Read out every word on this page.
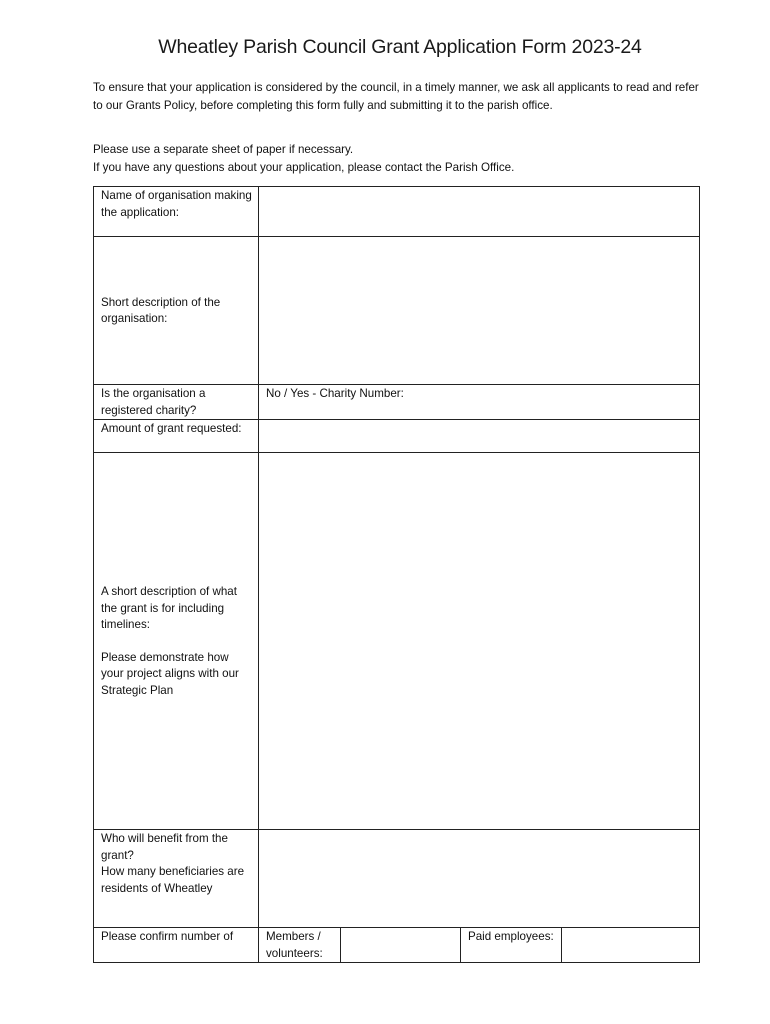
Wheatley Parish Council Grant Application Form 2023-24

To ensure that your application is considered by the council, in a timely manner, we ask all applicants to read and refer to our Grants Policy, before completing this form fully and submitting it to the parish office.

Please use a separate sheet of paper if necessary.

If you have any questions about your application, please contact the Parish Office.

Name of organisation making the application:				
Short description of the organisation:				
Is the organisation a registered charity?	No / Yes - Charity Number:			
Amount of grant requested:				

A short description of what the grant is for including timelines:
Please demonstrate how your project aligns with our Strategic Plan				

Who will benefit from the grant?
How many beneficiaries are residents of Wheatley				

Please confirm number of	Members / volunteers:		Paid employees:	
